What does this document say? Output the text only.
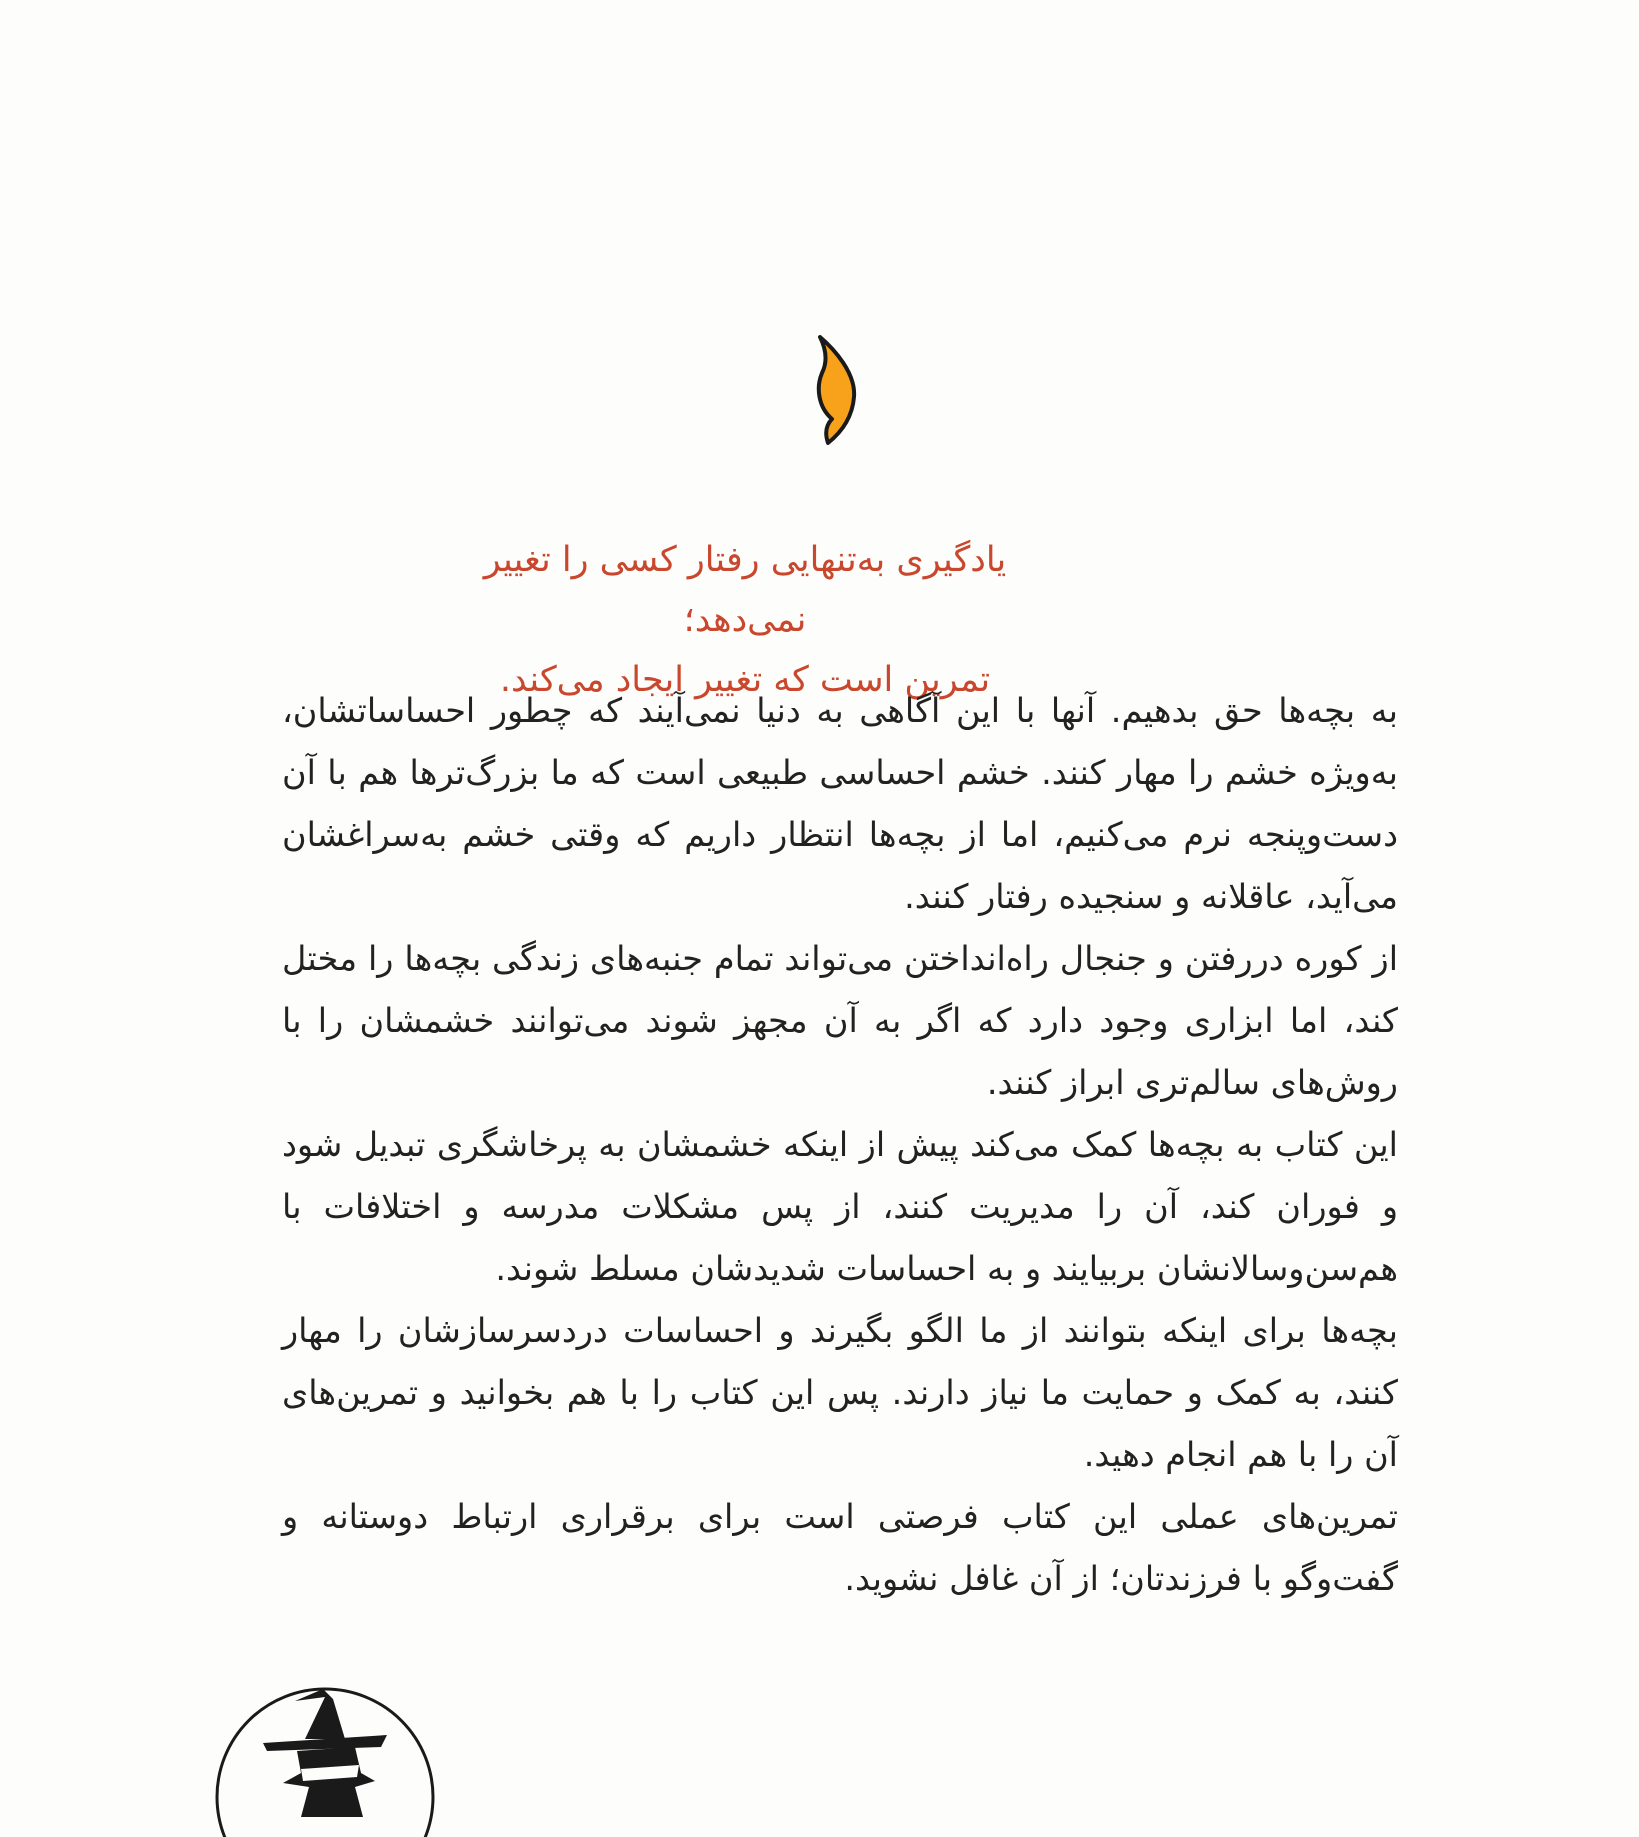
یادگیری به‌تنهایی رفتار کسی را تغییر نمی‌دهد؛
تمرین است که تغییر ایجاد می‌کند.

به بچه‌ها حق بدهیم. آنها با این آگاهی به دنیا نمی‌آیند که چطور احساساتشان، به‌ویژه خشم را مهار کنند. خشم احساسی طبیعی است که ما بزرگ‌ترها هم با آن دست‌وپنجه نرم می‌کنیم، اما از بچه‌ها انتظار داریم که وقتی خشم به‌سراغشان می‌آید، عاقلانه و سنجیده رفتار کنند.

از کوره دررفتن و جنجال راه‌انداختن می‌تواند تمام جنبه‌های زندگی بچه‌ها را مختل کند، اما ابزاری وجود دارد که اگر به آن مجهز شوند می‌توانند خشمشان را با روش‌های سالم‌تری ابراز کنند.

این کتاب به بچه‌ها کمک می‌کند پیش از اینکه خشمشان به پرخاشگری تبدیل شود و فوران کند، آن را مدیریت کنند، از پس مشکلات مدرسه و اختلافات با هم‌سن‌وسالانشان بربیایند و به احساسات شدیدشان مسلط شوند.

بچه‌ها برای اینکه بتوانند از ما الگو بگیرند و احساسات دردسرسازشان را مهار کنند، به کمک و حمایت ما نیاز دارند. پس این کتاب را با هم بخوانید و تمرین‌های آن را با هم انجام دهید.

تمرین‌های عملی این کتاب فرصتی است برای برقراری ارتباط دوستانه و گفت‌وگو با فرزندتان؛ از آن غافل نشوید.
